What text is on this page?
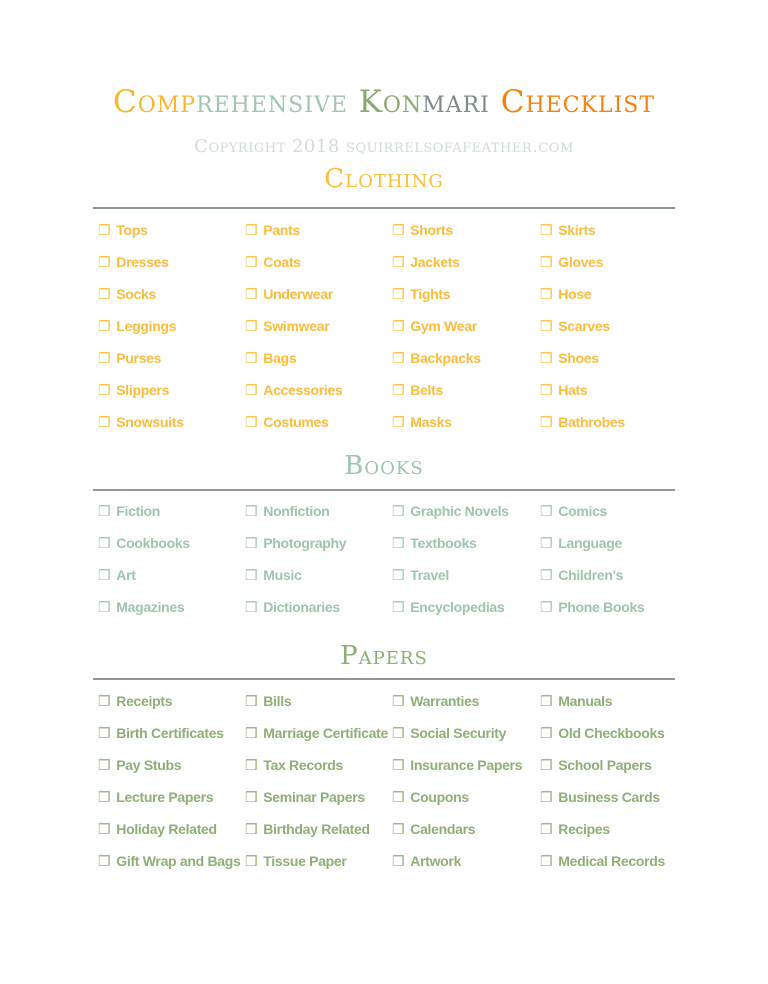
Comprehensive Konmari Checklist
Copyright 2018 squirrelsofafeather.com
Clothing
❒ Tops	❒ Pants	❒ Shorts	❒ Skirts
❒ Dresses	❒ Coats	❒ Jackets	❒ Gloves
❒ Socks	❒ Underwear	❒ Tights	❒ Hose
❒ Leggings	❒ Swimwear	❒ Gym Wear	❒ Scarves
❒ Purses	❒ Bags	❒ Backpacks	❒ Shoes
❒ Slippers	❒ Accessories	❒ Belts	❒ Hats
❒ Snowsuits	❒ Costumes	❒ Masks	❒ Bathrobes
Books
❒ Fiction	❒ Nonfiction	❒ Graphic Novels	❒ Comics
❒ Cookbooks	❒ Photography	❒ Textbooks	❒ Language
❒ Art	❒ Music	❒ Travel	❒ Children's
❒ Magazines	❒ Dictionaries	❒ Encyclopedias	❒ Phone Books
Papers
❒ Receipts	❒ Bills	❒ Warranties	❒ Manuals
❒ Birth Certificates	❒ Marriage Certificate ❒ Social Security	❒ Old Checkbooks
❒ Pay Stubs	❒ Tax Records	❒ Insurance Papers	❒ School Papers
❒ Lecture Papers	❒ Seminar Papers	❒ Coupons	❒ Business Cards
❒ Holiday Related	❒ Birthday Related	❒ Calendars	❒ Recipes
❒ Gift Wrap and Bags ❒ Tissue Paper	❒ Artwork	❒ Medical Records
